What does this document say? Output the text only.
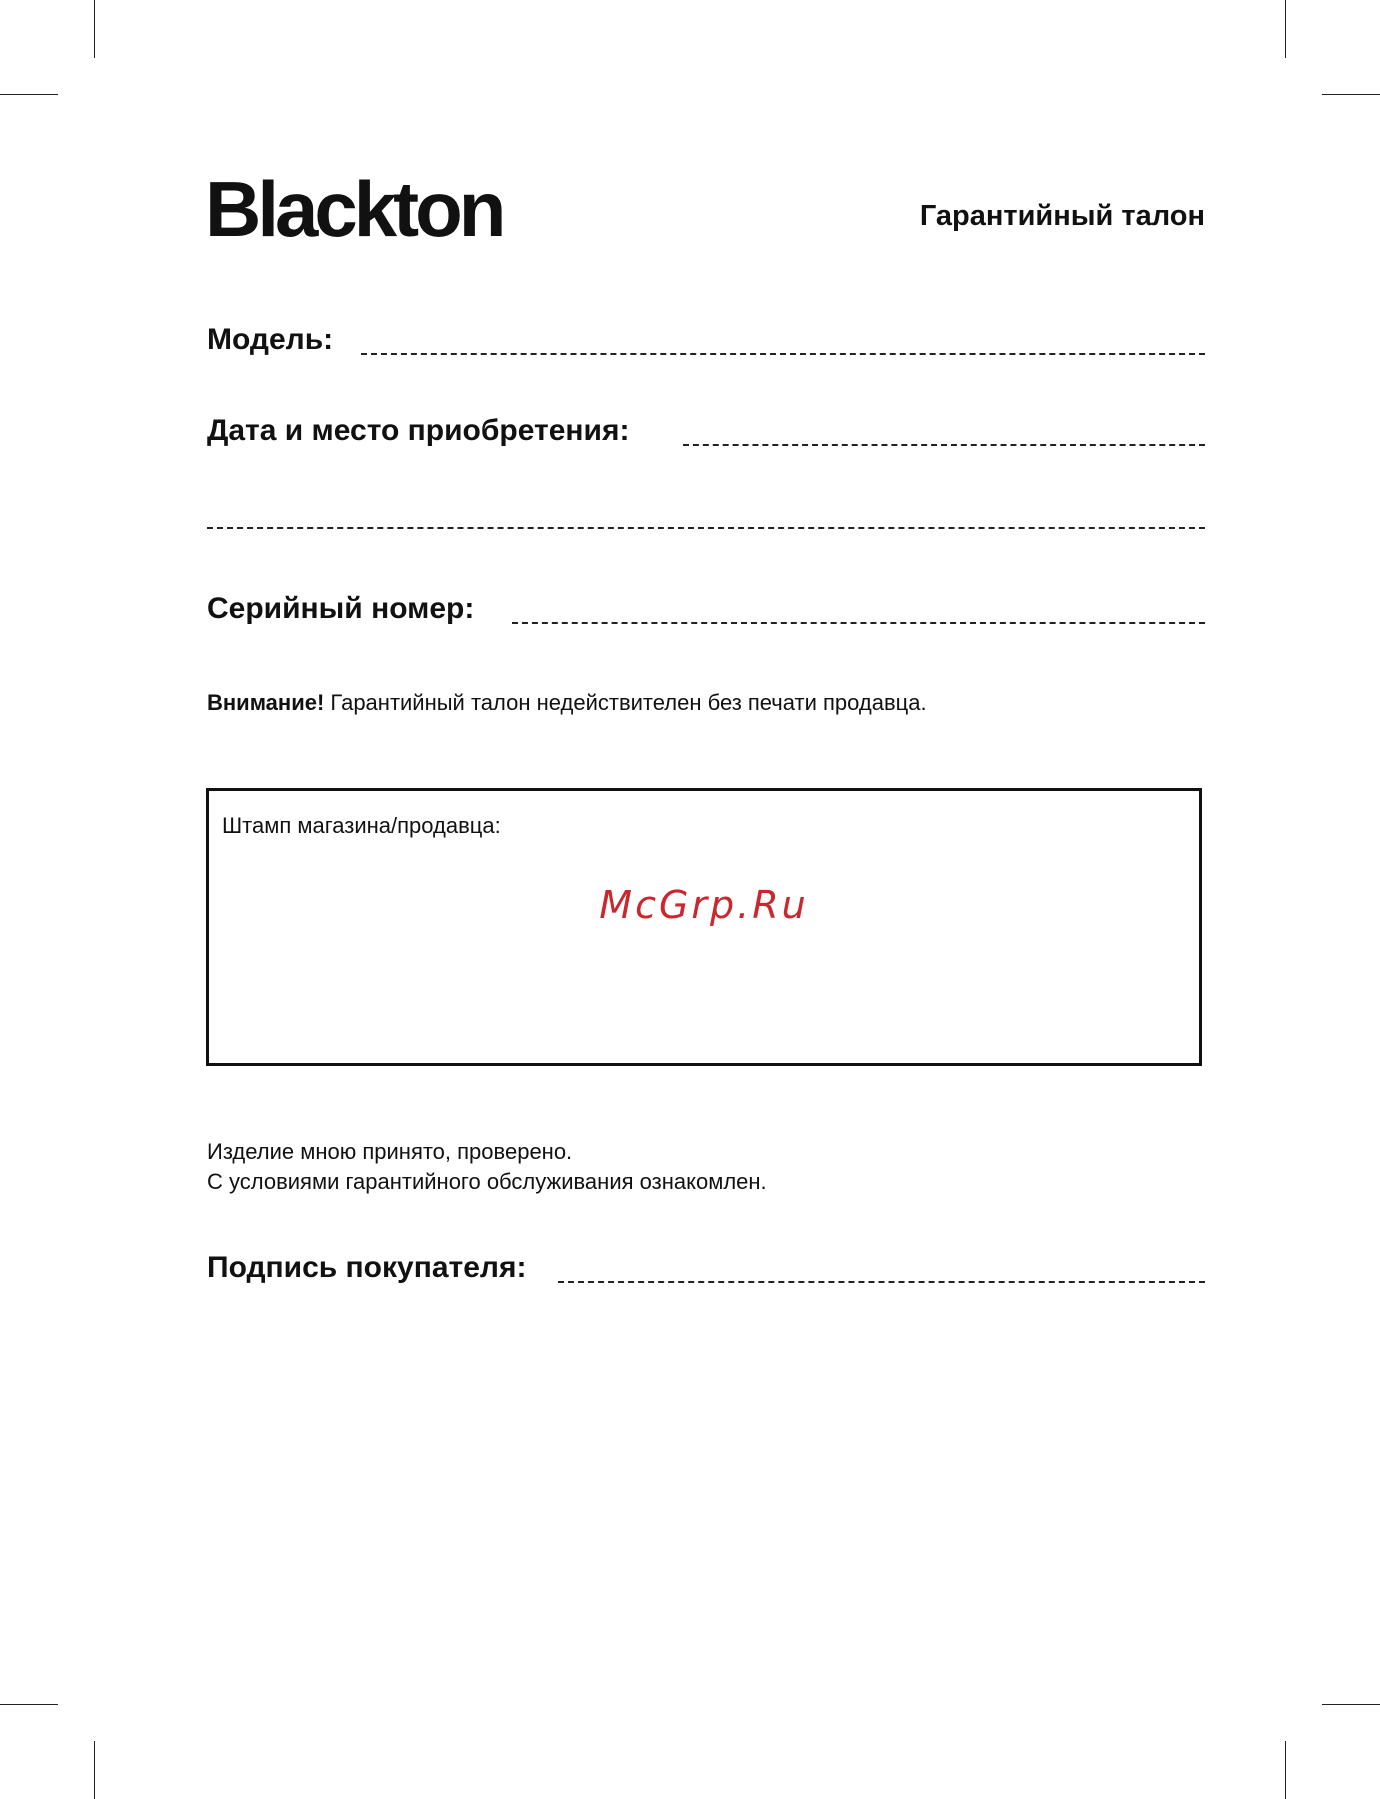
Blackton	Гарантийный талон
Модель:
Дата и место приобретения:
Серийный номер:
Внимание! Гарантийный талон недействителен без печати продавца.
Штамп магазина/продавца:
McGrp.Ru
Изделие мною принято, проверено.
С условиями гарантийного обслуживания ознакомлен.
Подпись покупателя:
